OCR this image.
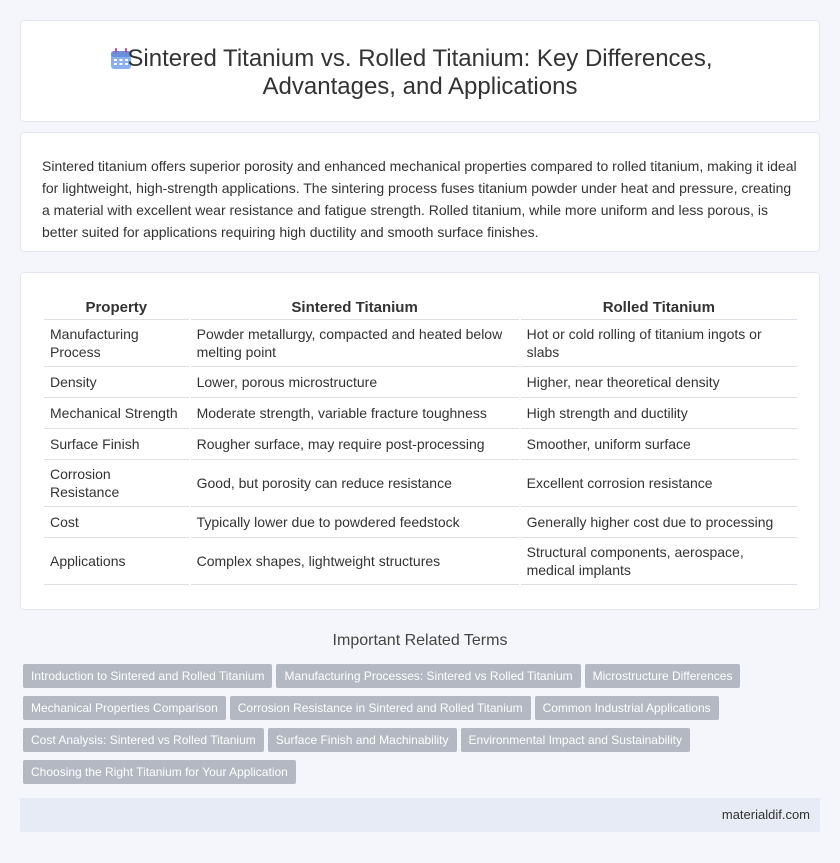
Sintered Titanium vs. Rolled Titanium: Key Differences,
Advantages, and Applications
Sintered titanium offers superior porosity and enhanced mechanical properties compared to rolled titanium, making it ideal for lightweight, high-strength applications. The sintering process fuses titanium powder under heat and pressure, creating a material with excellent wear resistance and fatigue strength. Rolled titanium, while more uniform and less porous, is better suited for applications requiring high ductility and smooth surface finishes.
Property	Sintered Titanium	Rolled Titanium
Manufacturing Process	Powder metallurgy, compacted and heated below melting point	Hot or cold rolling of titanium ingots or slabs
Density	Lower, porous microstructure	Higher, near theoretical density
Mechanical Strength	Moderate strength, variable fracture toughness	High strength and ductility
Surface Finish	Rougher surface, may require post-processing	Smoother, uniform surface
Corrosion Resistance	Good, but porosity can reduce resistance	Excellent corrosion resistance
Cost	Typically lower due to powdered feedstock	Generally higher cost due to processing
Applications	Complex shapes, lightweight structures	Structural components, aerospace, medical implants
Important Related Terms
Introduction to Sintered and Rolled Titanium Manufacturing Processes: Sintered vs Rolled Titanium Microstructure Differences
Mechanical Properties Comparison Corrosion Resistance in Sintered and Rolled Titanium Common Industrial Applications
Cost Analysis: Sintered vs Rolled Titanium Surface Finish and Machinability Environmental Impact and Sustainability
Choosing the Right Titanium for Your Application
materialdif.com
